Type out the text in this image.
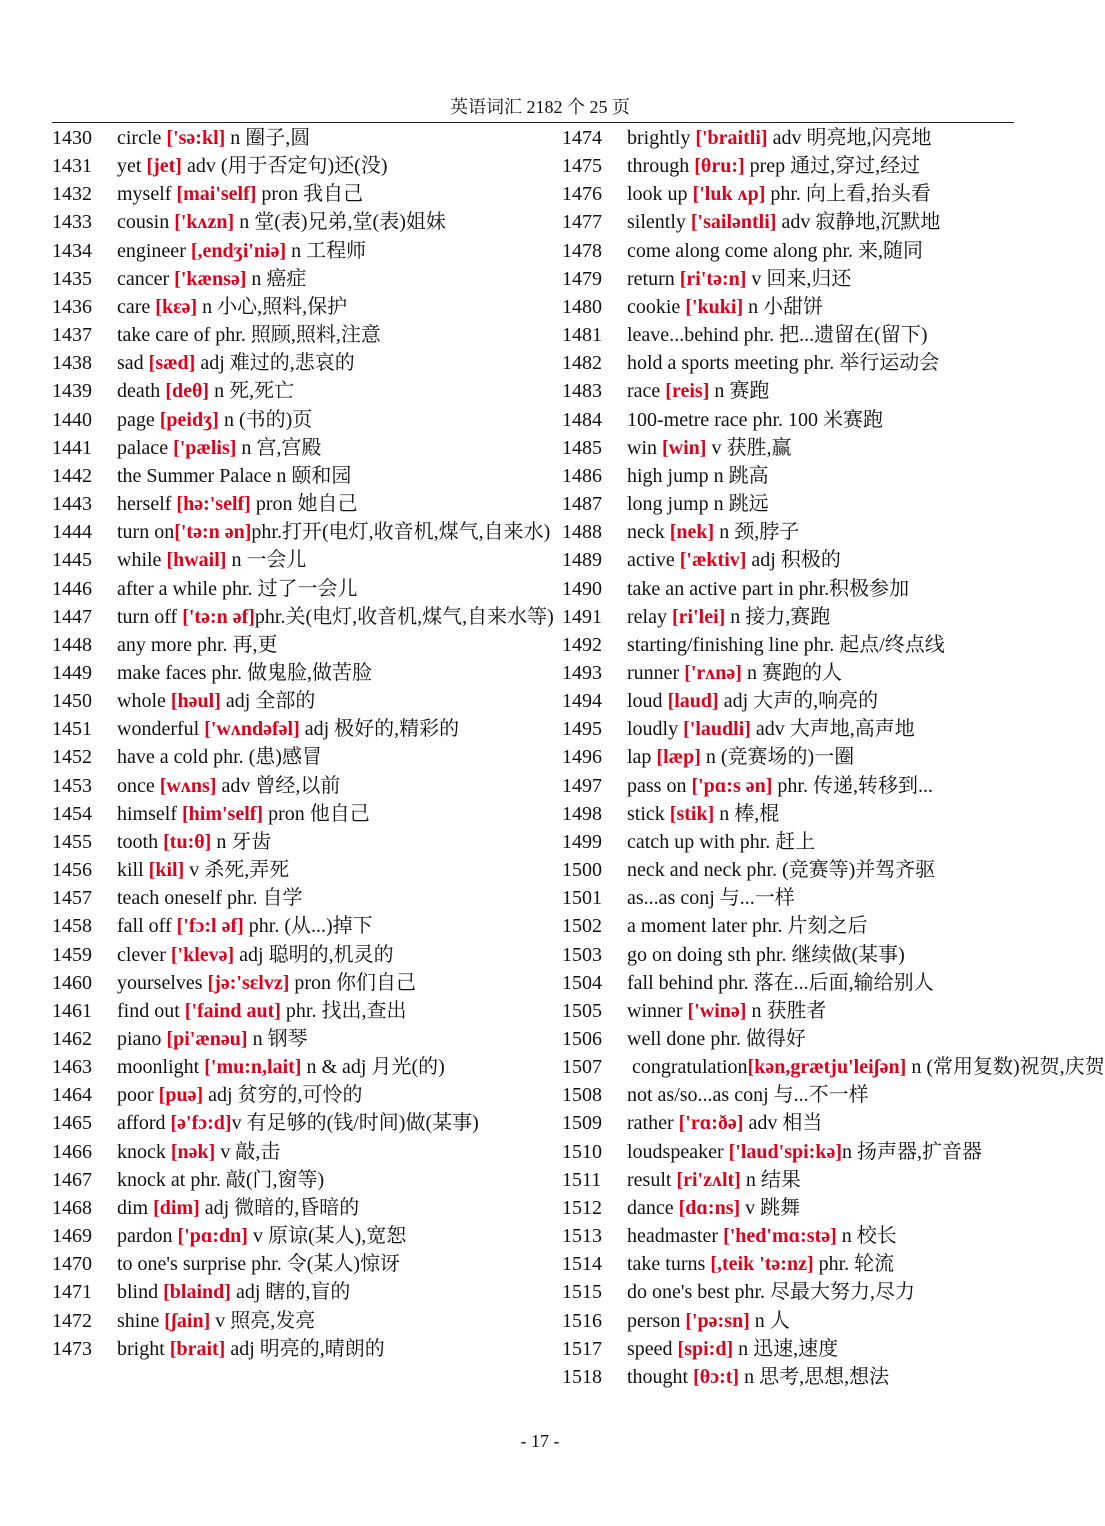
英语词汇 2182 个 25 页
1430 circle ['sə:kl] n 圈子,圆
1431 yet [jet] adv (用于否定句)还(没)
1432 myself [mai'self] pron 我自己
1433 cousin ['kʌzn] n 堂(表)兄弟,堂(表)姐妹
1434 engineer [,endʒi'niə] n 工程师
1435 cancer ['kænsə] n 癌症
1436 care [kɛə] n 小心,照料,保护
1437 take care of phr. 照顾,照料,注意
1438 sad [sæd] adj 难过的,悲哀的
1439 death [deθ] n 死,死亡
1440 page [peidʒ] n (书的)页
1441 palace ['pælis] n 宫,宫殿
1442 the Summer Palace n 颐和园
1443 herself [hə:'self] pron 她自己
1444 turn on['tə:n ən]phr.打开(电灯,收音机,煤气,自来水)
1445 while [hwail] n 一会儿
1446 after a while phr. 过了一会儿
1447 turn off ['tə:n əf]phr.关(电灯,收音机,煤气,自来水等)
1448 any more phr. 再,更
1449 make faces phr. 做鬼脸,做苦脸
1450 whole [həul] adj 全部的
1451 wonderful ['wʌndəfəl] adj 极好的,精彩的
1452 have a cold phr. (患)感冒
1453 once [wʌns] adv 曾经,以前
1454 himself [him'self] pron 他自己
1455 tooth [tu:θ] n 牙齿
1456 kill [kil] v 杀死,弄死
1457 teach oneself phr. 自学
1458 fall off ['fɔ:l əf] phr. (从...)掉下
1459 clever ['klevə] adj 聪明的,机灵的
1460 yourselves [jə:'sɛlvz] pron 你们自己
1461 find out ['faind aut] phr. 找出,查出
1462 piano [pi'ænəu] n 钢琴
1463 moonlight ['mu:n,lait] n & adj 月光(的)
1464 poor [puə] adj 贫穷的,可怜的
1465 afford [ə'fɔ:d]v 有足够的(钱/时间)做(某事)
1466 knock [nək] v 敲,击
1467 knock at phr. 敲(门,窗等)
1468 dim [dim] adj 微暗的,昏暗的
1469 pardon ['pɑ:dn] v 原谅(某人),宽恕
1470 to one's surprise phr. 令(某人)惊讶
1471 blind [blaind] adj 瞎的,盲的
1472 shine [ʃain] v 照亮,发亮
1473 bright [brait] adj 明亮的,晴朗的
1474 brightly ['braitli] adv 明亮地,闪亮地
1475 through [θru:] prep 通过,穿过,经过
1476 look up ['luk ʌp] phr. 向上看,抬头看
1477 silently ['sailəntli] adv 寂静地,沉默地
1478 come along come along phr. 来,随同
1479 return [ri'tə:n] v 回来,归还
1480 cookie ['kuki] n 小甜饼
1481 leave...behind phr. 把...遗留在(留下)
1482 hold a sports meeting phr. 举行运动会
1483 race [reis] n 赛跑
1484 100-metre race phr. 100 米赛跑
1485 win [win] v 获胜,赢
1486 high jump n 跳高
1487 long jump n 跳远
1488 neck [nek] n 颈,脖子
1489 active ['æktiv] adj 积极的
1490 take an active part in phr.积极参加
1491 relay [ri'lei] n 接力,赛跑
1492 starting/finishing line phr. 起点/终点线
1493 runner ['rʌnə] n 赛跑的人
1494 loud [laud] adj 大声的,响亮的
1495 loudly ['laudli] adv 大声地,高声地
1496 lap [læp] n (竞赛场的)一圈
1497 pass on ['pɑ:s ən] phr. 传递,转移到...
1498 stick [stik] n 棒,棍
1499 catch up with phr. 赶上
1500 neck and neck phr. (竞赛等)并驾齐驱
1501 as...as conj 与...一样
1502 a moment later phr. 片刻之后
1503 go on doing sth phr. 继续做(某事)
1504 fall behind phr. 落在...后面,输给别人
1505 winner ['winə] n 获胜者
1506 well done phr. 做得好
1507 congratulation[kən,grætju'leiʃən] n (常用复数)祝贺,庆贺
1508 not as/so...as conj 与...不一样
1509 rather ['rɑ:ðə] adv 相当
1510 loudspeaker ['laud'spi:kə]n 扬声器,扩音器
1511 result [ri'zʌlt] n 结果
1512 dance [dɑ:ns] v 跳舞
1513 headmaster ['hed'mɑ:stə] n 校长
1514 take turns [,teik 'tə:nz] phr. 轮流
1515 do one's best phr. 尽最大努力,尽力
1516 person ['pə:sn] n 人
1517 speed [spi:d] n 迅速,速度
1518 thought [θɔ:t] n 思考,思想,想法
- 17 -
